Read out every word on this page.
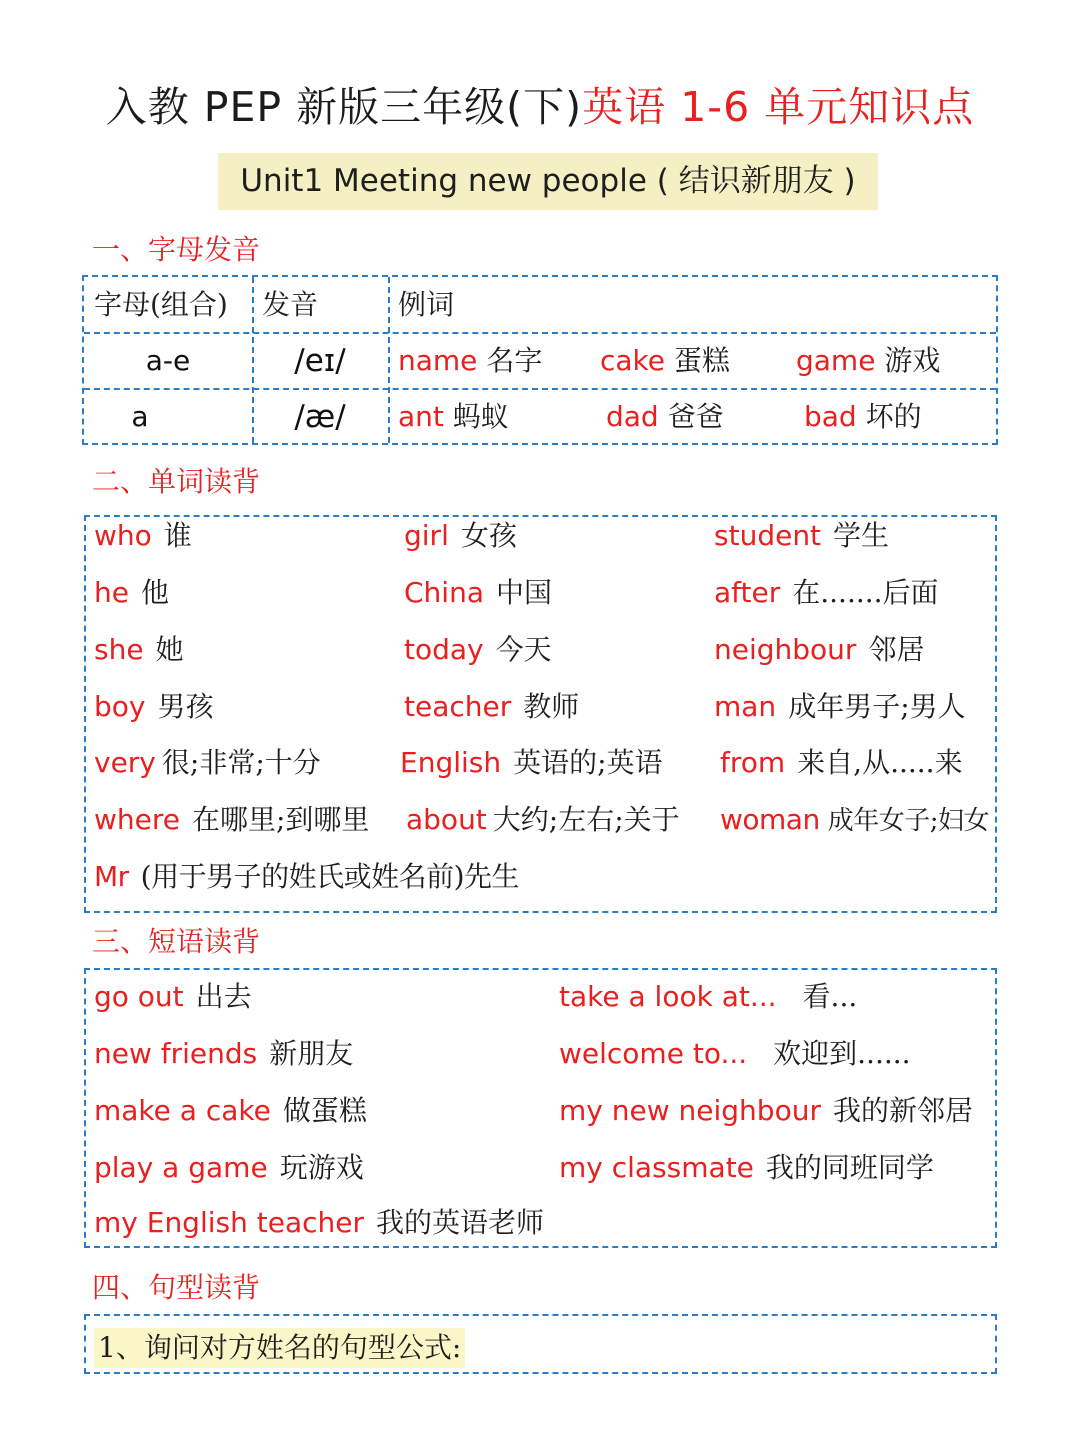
入教 PEP 新版三年级(下)英语 1-6 单元知识点
Unit1 Meeting new people ( 结识新朋友 )
一、字母发音
字母(组合) 发音	例词
a-e	/eɪ/	name 名字 cake 蛋糕 game 游戏
a	/æ/	ant 蚂蚁	dad 爸爸	bad 坏的
二、单词读背
who 谁	girl 女孩	student 学生
he 他	China 中国	after 在.......后面
she 她	today 今天	neighbour 邻居
boy 男孩	teacher 教师	man 成年男子;男人
very 很;非常;十分	English 英语的;英语 from 来自,从.....来
where 在哪里;到哪里 about 大约;左右;关于 woman 成年女子;妇女
Mr (用于男子的姓氏或姓名前)先生
三、短语读背
go out 出去	take a look at... 看...
new friends 新朋友	welcome to... 欢迎到......
make a cake 做蛋糕	my new neighbour 我的新邻居
play a game 玩游戏	my classmate 我的同班同学
my English teacher 我的英语老师
四、句型读背
1、询问对方姓名的句型公式:
